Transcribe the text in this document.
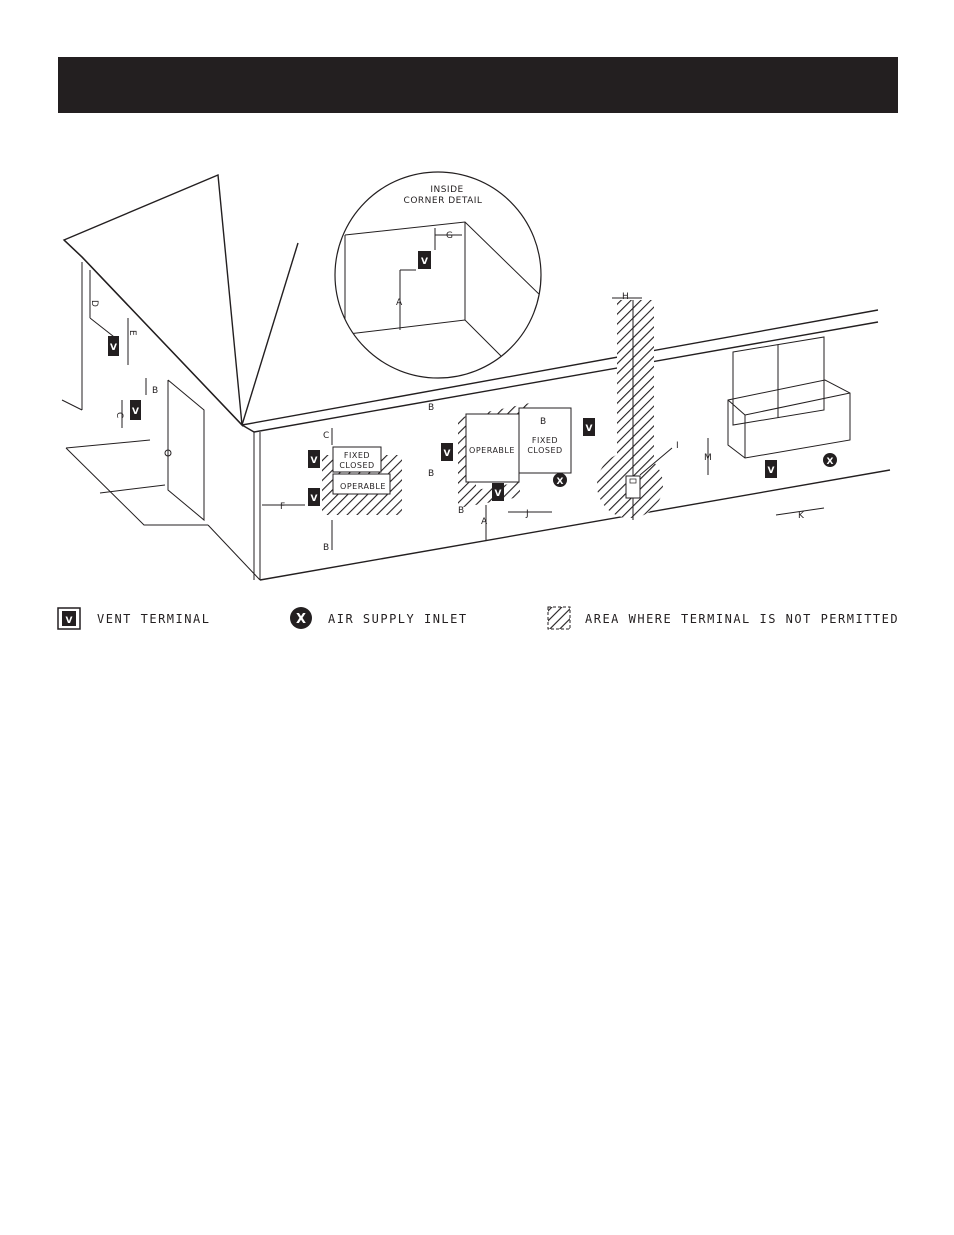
D
E
V
V
B
C
INSIDE
CORNER DETAIL
V
A
G
FIXED
CLOSED
OPERABLE
V
V
F
C
B
OPERABLE
FIXED
CLOSED
V
V
V
X
B
B
B
B
A
J
H
I
M
V
X
K
V VENT TERMINAL	X AIR SUPPLY INLET	AREA WHERE TERMINAL IS NOT PERMITTED
